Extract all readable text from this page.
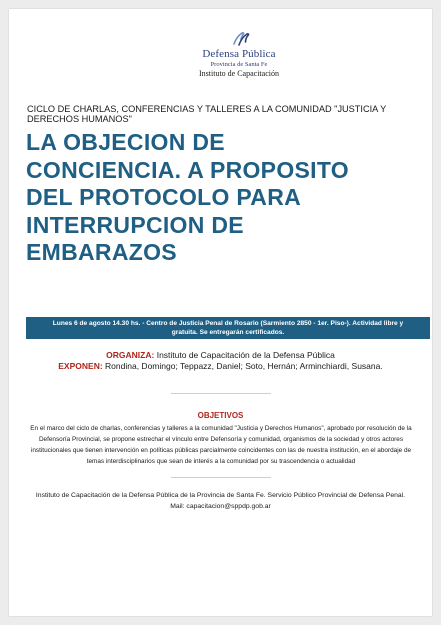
Defensa Pública
Provincia de Santa Fe
Instituto de Capacitación
CICLO DE CHARLAS, CONFERENCIAS Y TALLERES A LA COMUNIDAD "JUSTICIA Y DERECHOS HUMANOS"
LA OBJECION DE
CONCIENCIA. A PROPOSITO
DEL PROTOCOLO PARA
INTERRUPCION DE
EMBARAZOS
Lunes 6 de agosto 14.30 hs. - Centro de Justicia Penal de Rosario (Sarmiento 2850 - 1er. Piso-). Actividad libre y
gratuita. Se entregarán certificados.
ORGANIZA: Instituto de Capacitación de la Defensa Pública
EXPONEN: Rondina, Domingo; Teppazz, Daniel; Soto, Hernán; Arminchiardi, Susana.
OBJETIVOS
En el marco del ciclo de charlas, conferencias y talleres a la comunidad "Justicia y Derechos Humanos", aprobado por resolución de la
Defensoría Provincial, se propone estrechar el vínculo entre Defensoría y comunidad, organismos de la sociedad y otros actores
institucionales que tienen intervención en políticas públicas parcialmente coincidentes con las de nuestra institución, en el abordaje de
temas interdisciplinarios que sean de interés a la comunidad por su trascendencia o actualidad
Instituto de Capacitación de la Defensa Pública de la Provincia de Santa Fe. Servicio Público Provincial de Defensa Penal.
Mail: capacitacion@sppdp.gob.ar
